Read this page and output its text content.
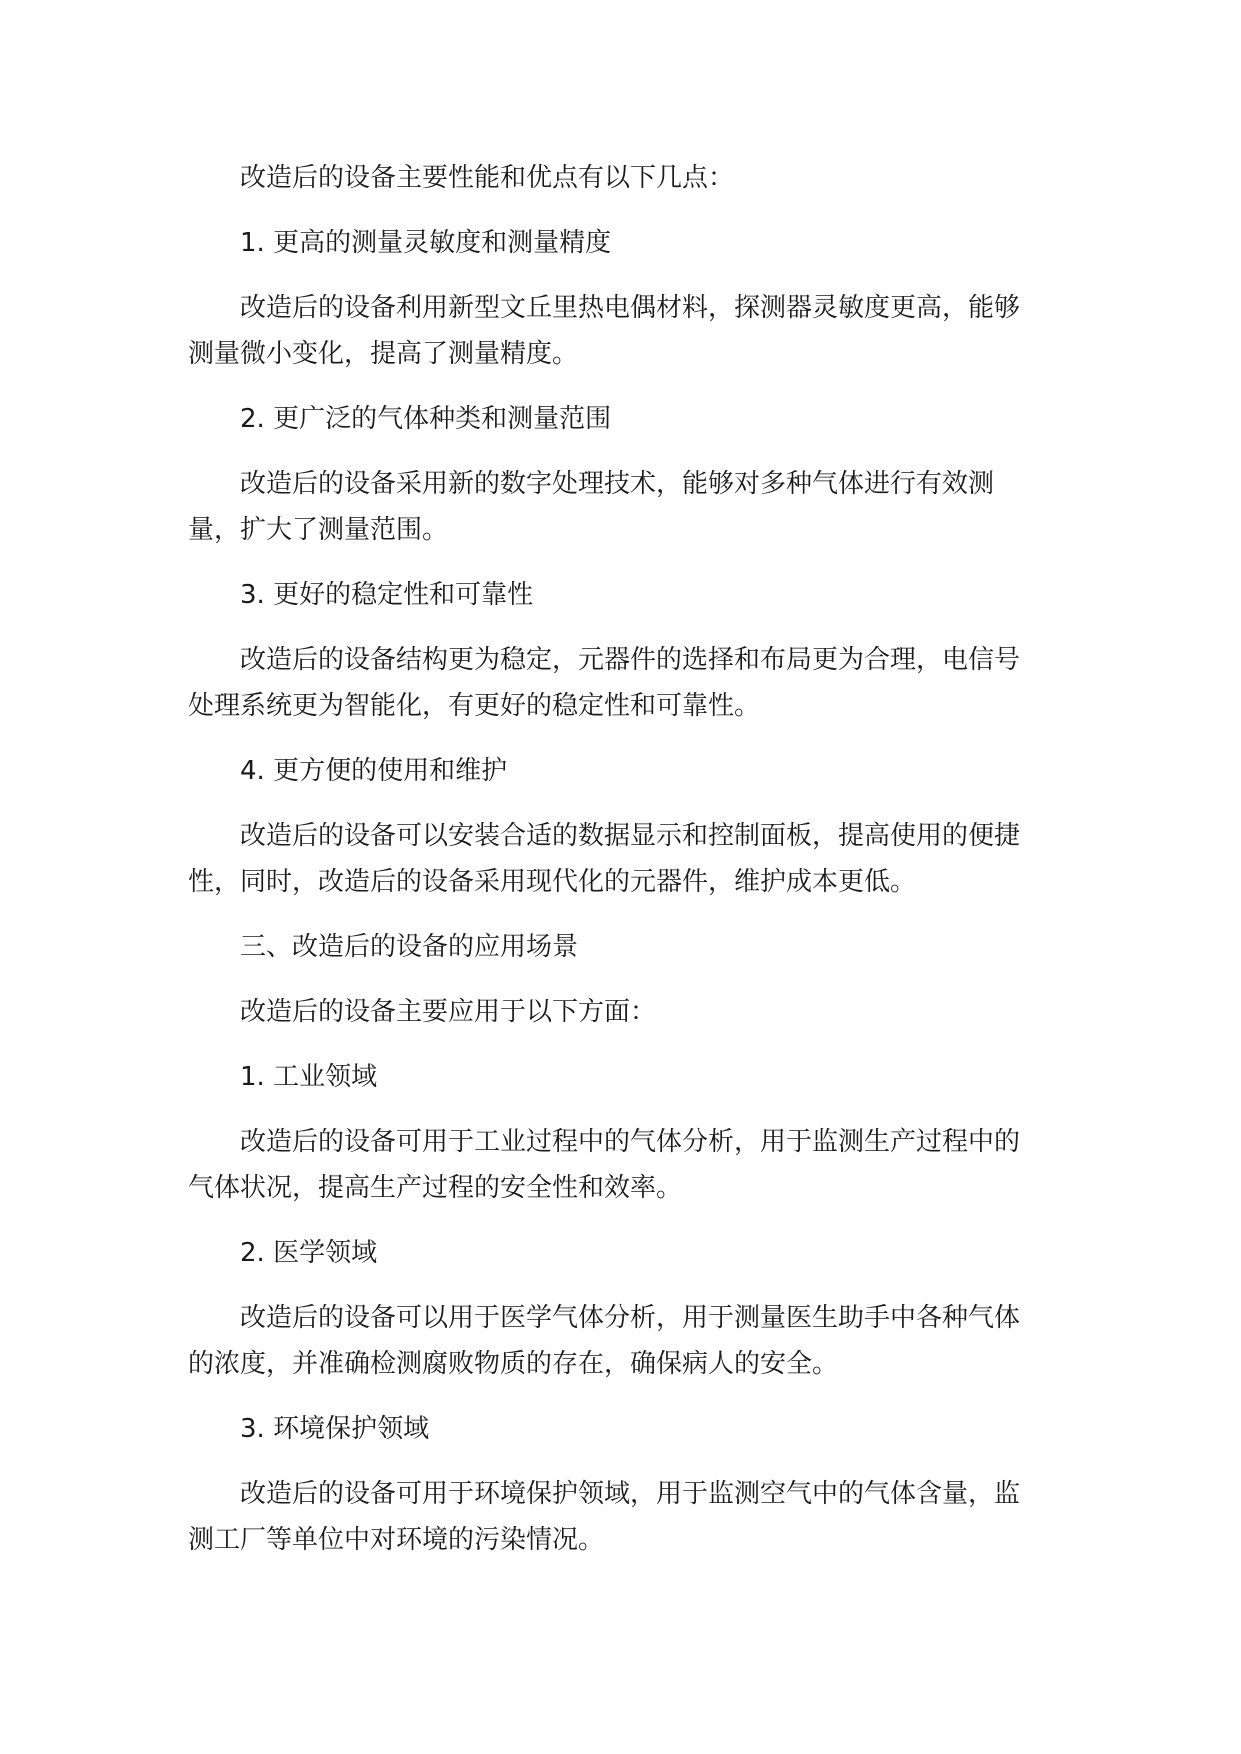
改造后的设备主要性能和优点有以下几点：

1. 更高的测量灵敏度和测量精度

改造后的设备利用新型文丘里热电偶材料，探测器灵敏度更高，能够测量微小变化，提高了测量精度。

2. 更广泛的气体种类和测量范围

改造后的设备采用新的数字处理技术，能够对多种气体进行有效测量，扩大了测量范围。

3. 更好的稳定性和可靠性

改造后的设备结构更为稳定，元器件的选择和布局更为合理，电信号处理系统更为智能化，有更好的稳定性和可靠性。

4. 更方便的使用和维护

改造后的设备可以安装合适的数据显示和控制面板，提高使用的便捷性，同时，改造后的设备采用现代化的元器件，维护成本更低。

三、改造后的设备的应用场景

改造后的设备主要应用于以下方面：

1. 工业领域

改造后的设备可用于工业过程中的气体分析，用于监测生产过程中的气体状况，提高生产过程的安全性和效率。

2. 医学领域

改造后的设备可以用于医学气体分析，用于测量医生助手中各种气体的浓度，并准确检测腐败物质的存在，确保病人的安全。

3. 环境保护领域

改造后的设备可用于环境保护领域，用于监测空气中的气体含量，监测工厂等单位中对环境的污染情况。
